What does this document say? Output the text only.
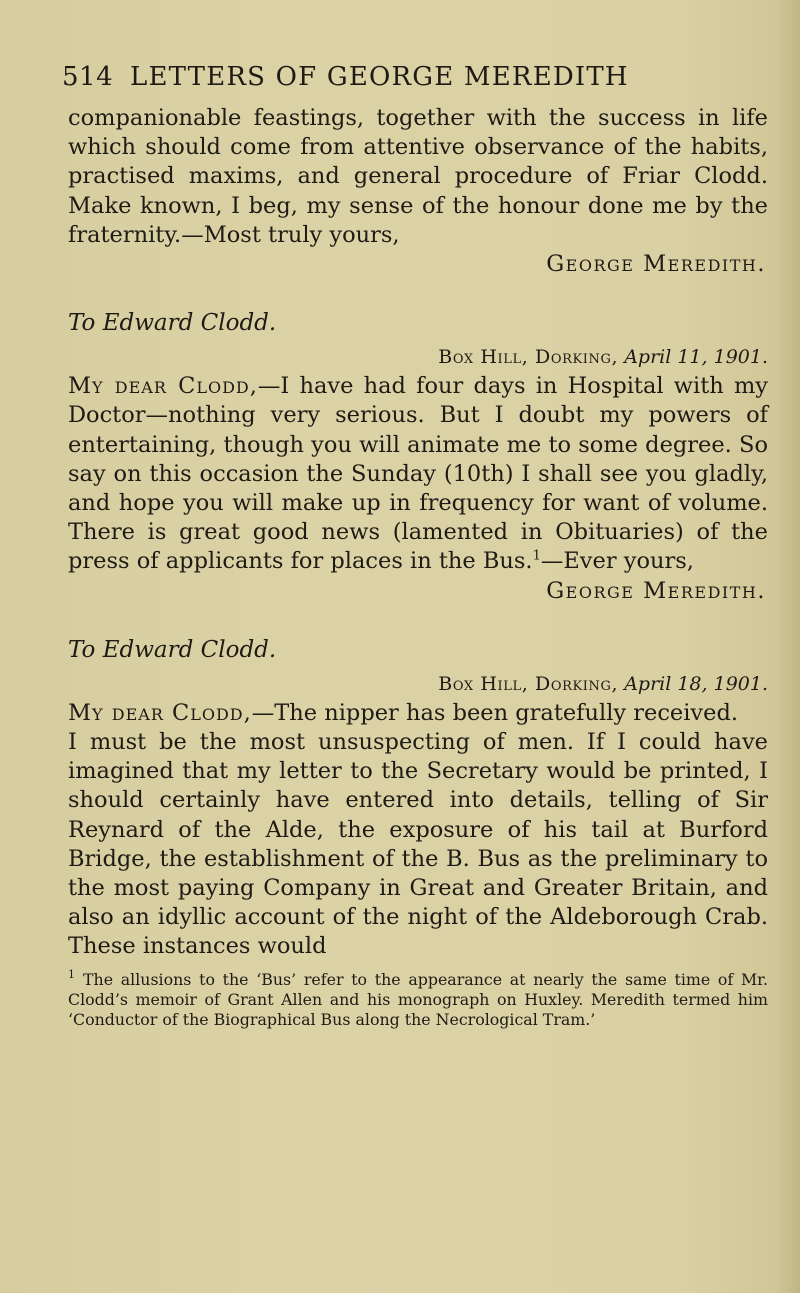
514 LETTERS OF GEORGE MEREDITH

companionable feastings, together with the success in life which should come from attentive observance of the habits, practised maxims, and general procedure of Friar Clodd. Make known, I beg, my sense of the honour done me by the fraternity.—Most truly yours,

George Meredith.
To Edward Clodd.
Box Hill, Dorking, April 11, 1901.

My dear Clodd,—I have had four days in Hospital with my Doctor—nothing very serious. But I doubt my powers of entertaining, though you will animate me to some degree. So say on this occasion the Sunday (10th) I shall see you gladly, and hope you will make up in frequency for want of volume. There is great good news (lamented in Obituaries) of the press of applicants for places in the Bus.$^1$—Ever yours,

George Meredith.
To Edward Clodd.
Box Hill, Dorking, April 18, 1901.

My dear Clodd,—The nipper has been gratefully received.

I must be the most unsuspecting of men. If I could have imagined that my letter to the Secretary would be printed, I should certainly have entered into details, telling of Sir Reynard of the Alde, the exposure of his tail at Burford Bridge, the establishment of the B. Bus as the preliminary to the most paying Company in Great and Greater Britain, and also an idyllic account of the night of the Aldeborough Crab. These instances would

$^1$ The allusions to the ‘Bus’ refer to the appearance at nearly the same time of Mr. Clodd’s memoir of Grant Allen and his monograph on Huxley. Meredith termed him ‘Conductor of the Biographical Bus along the Necrological Tram.’
